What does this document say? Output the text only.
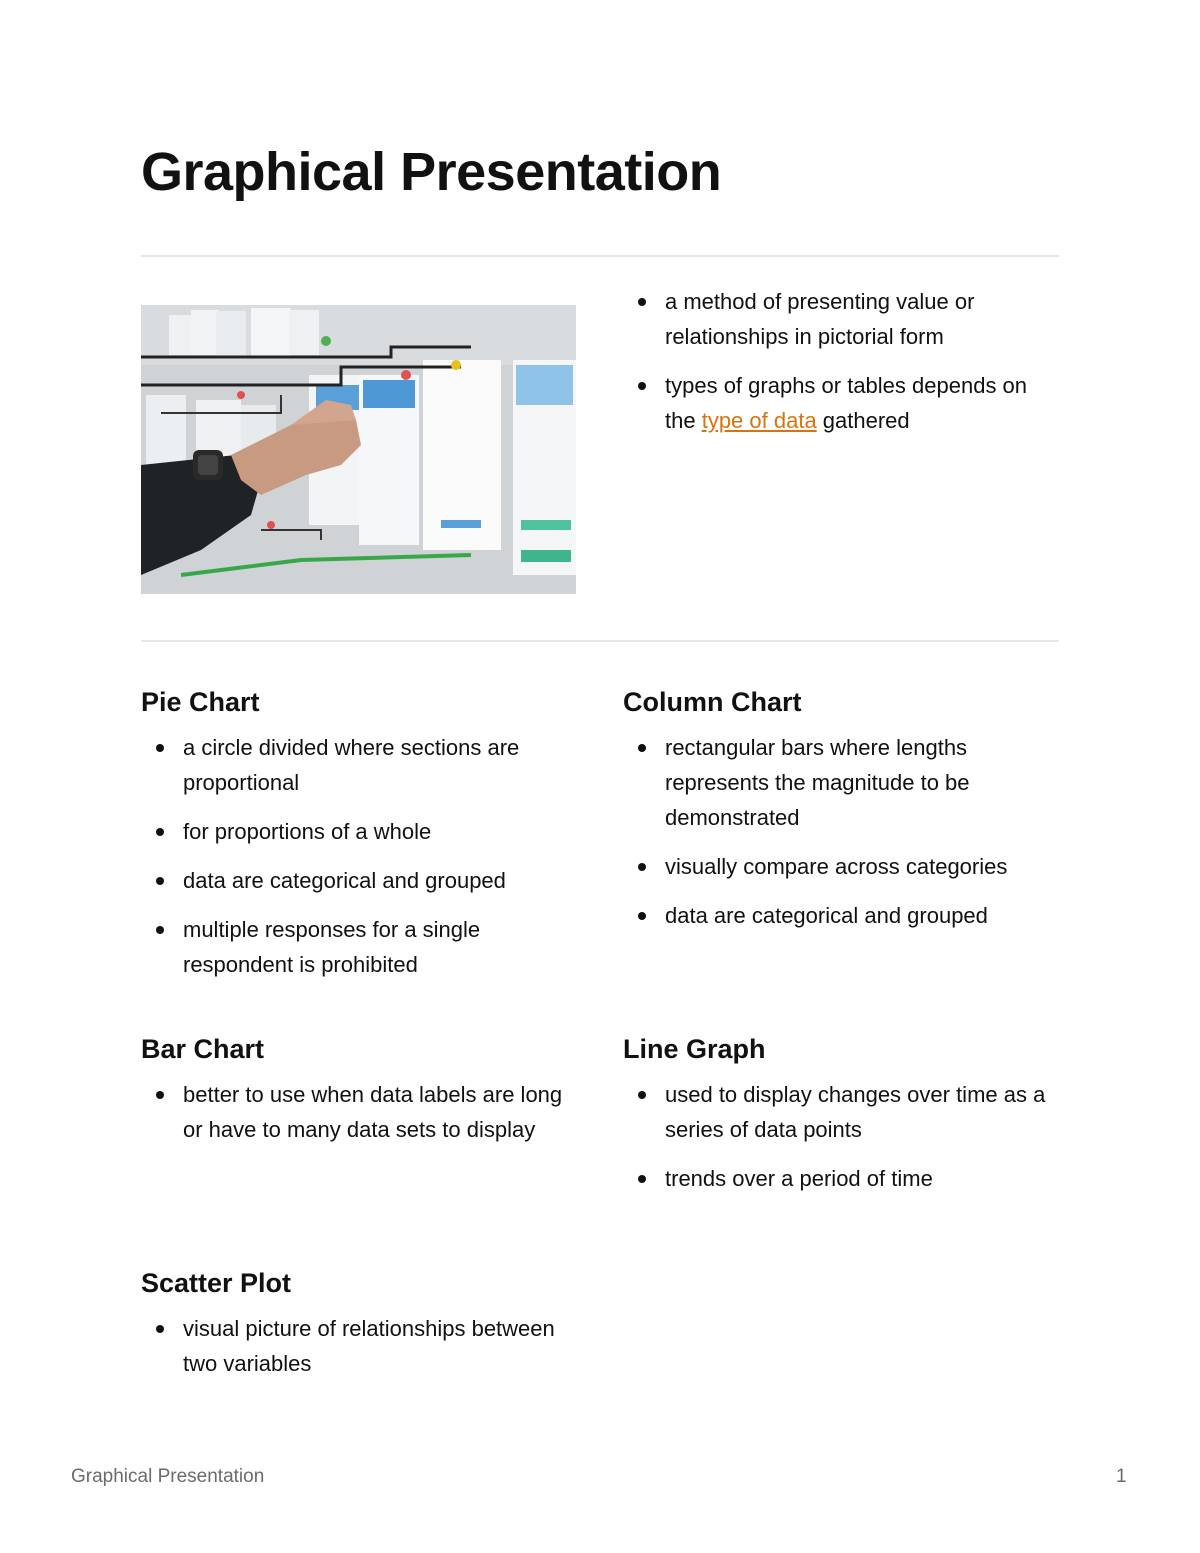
Graphical Presentation
a method of presenting value or relationships in pictorial form
types of graphs or tables depends on the type of data gathered
Pie Chart
a circle divided where sections are proportional
for proportions of a whole
data are categorical and grouped
multiple responses for a single respondent is prohibited
Column Chart
rectangular bars where lengths represents the magnitude to be demonstrated
visually compare across categories
data are categorical and grouped
Bar Chart
better to use when data labels are long or have to many data sets to display
Line Graph
used to display changes over time as a series of data points
trends over a period of time
Scatter Plot
visual picture of relationships between two variables
Graphical Presentation	1
